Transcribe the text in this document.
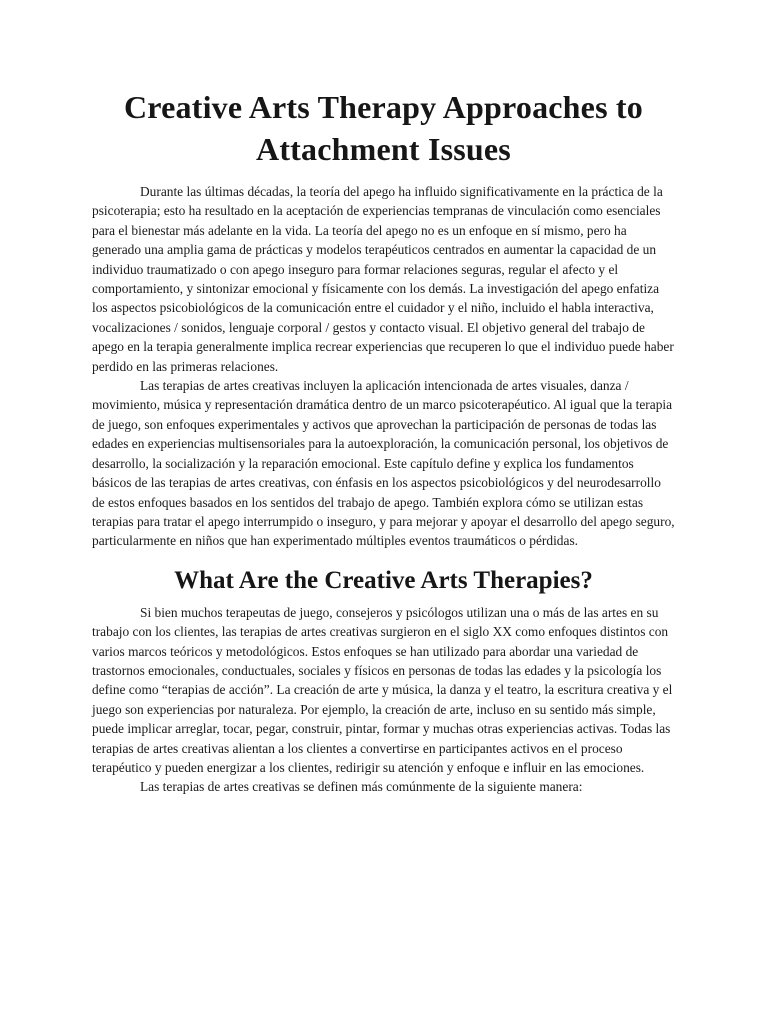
Creative Arts Therapy Approaches to Attachment Issues

Durante las últimas décadas, la teoría del apego ha influido significativamente en la práctica de la psicoterapia; esto ha resultado en la aceptación de experiencias tempranas de vinculación como esenciales para el bienestar más adelante en la vida. La teoría del apego no es un enfoque en sí mismo, pero ha generado una amplia gama de prácticas y modelos terapéuticos centrados en aumentar la capacidad de un individuo traumatizado o con apego inseguro para formar relaciones seguras, regular el afecto y el comportamiento, y sintonizar emocional y físicamente con los demás. La investigación del apego enfatiza los aspectos psicobiológicos de la comunicación entre el cuidador y el niño, incluido el habla interactiva, vocalizaciones / sonidos, lenguaje corporal / gestos y contacto visual. El objetivo general del trabajo de apego en la terapia generalmente implica recrear experiencias que recuperen lo que el individuo puede haber perdido en las primeras relaciones.

Las terapias de artes creativas incluyen la aplicación intencionada de artes visuales, danza / movimiento, música y representación dramática dentro de un marco psicoterapéutico. Al igual que la terapia de juego, son enfoques experimentales y activos que aprovechan la participación de personas de todas las edades en experiencias multisensoriales para la autoexploración, la comunicación personal, los objetivos de desarrollo, la socialización y la reparación emocional. Este capítulo define y explica los fundamentos básicos de las terapias de artes creativas, con énfasis en los aspectos psicobiológicos y del neurodesarrollo de estos enfoques basados en los sentidos del trabajo de apego. También explora cómo se utilizan estas terapias para tratar el apego interrumpido o inseguro, y para mejorar y apoyar el desarrollo del apego seguro, particularmente en niños que han experimentado múltiples eventos traumáticos o pérdidas.

What Are the Creative Arts Therapies?

Si bien muchos terapeutas de juego, consejeros y psicólogos utilizan una o más de las artes en su trabajo con los clientes, las terapias de artes creativas surgieron en el siglo XX como enfoques distintos con varios marcos teóricos y metodológicos. Estos enfoques se han utilizado para abordar una variedad de trastornos emocionales, conductuales, sociales y físicos en personas de todas las edades y la psicología los define como “terapias de acción”. La creación de arte y música, la danza y el teatro, la escritura creativa y el juego son experiencias por naturaleza. Por ejemplo, la creación de arte, incluso en su sentido más simple, puede implicar arreglar, tocar, pegar, construir, pintar, formar y muchas otras experiencias activas. Todas las terapias de artes creativas alientan a los clientes a convertirse en participantes activos en el proceso terapéutico y pueden energizar a los clientes, redirigir su atención y enfoque e influir en las emociones.

Las terapias de artes creativas se definen más comúnmente de la siguiente manera:
